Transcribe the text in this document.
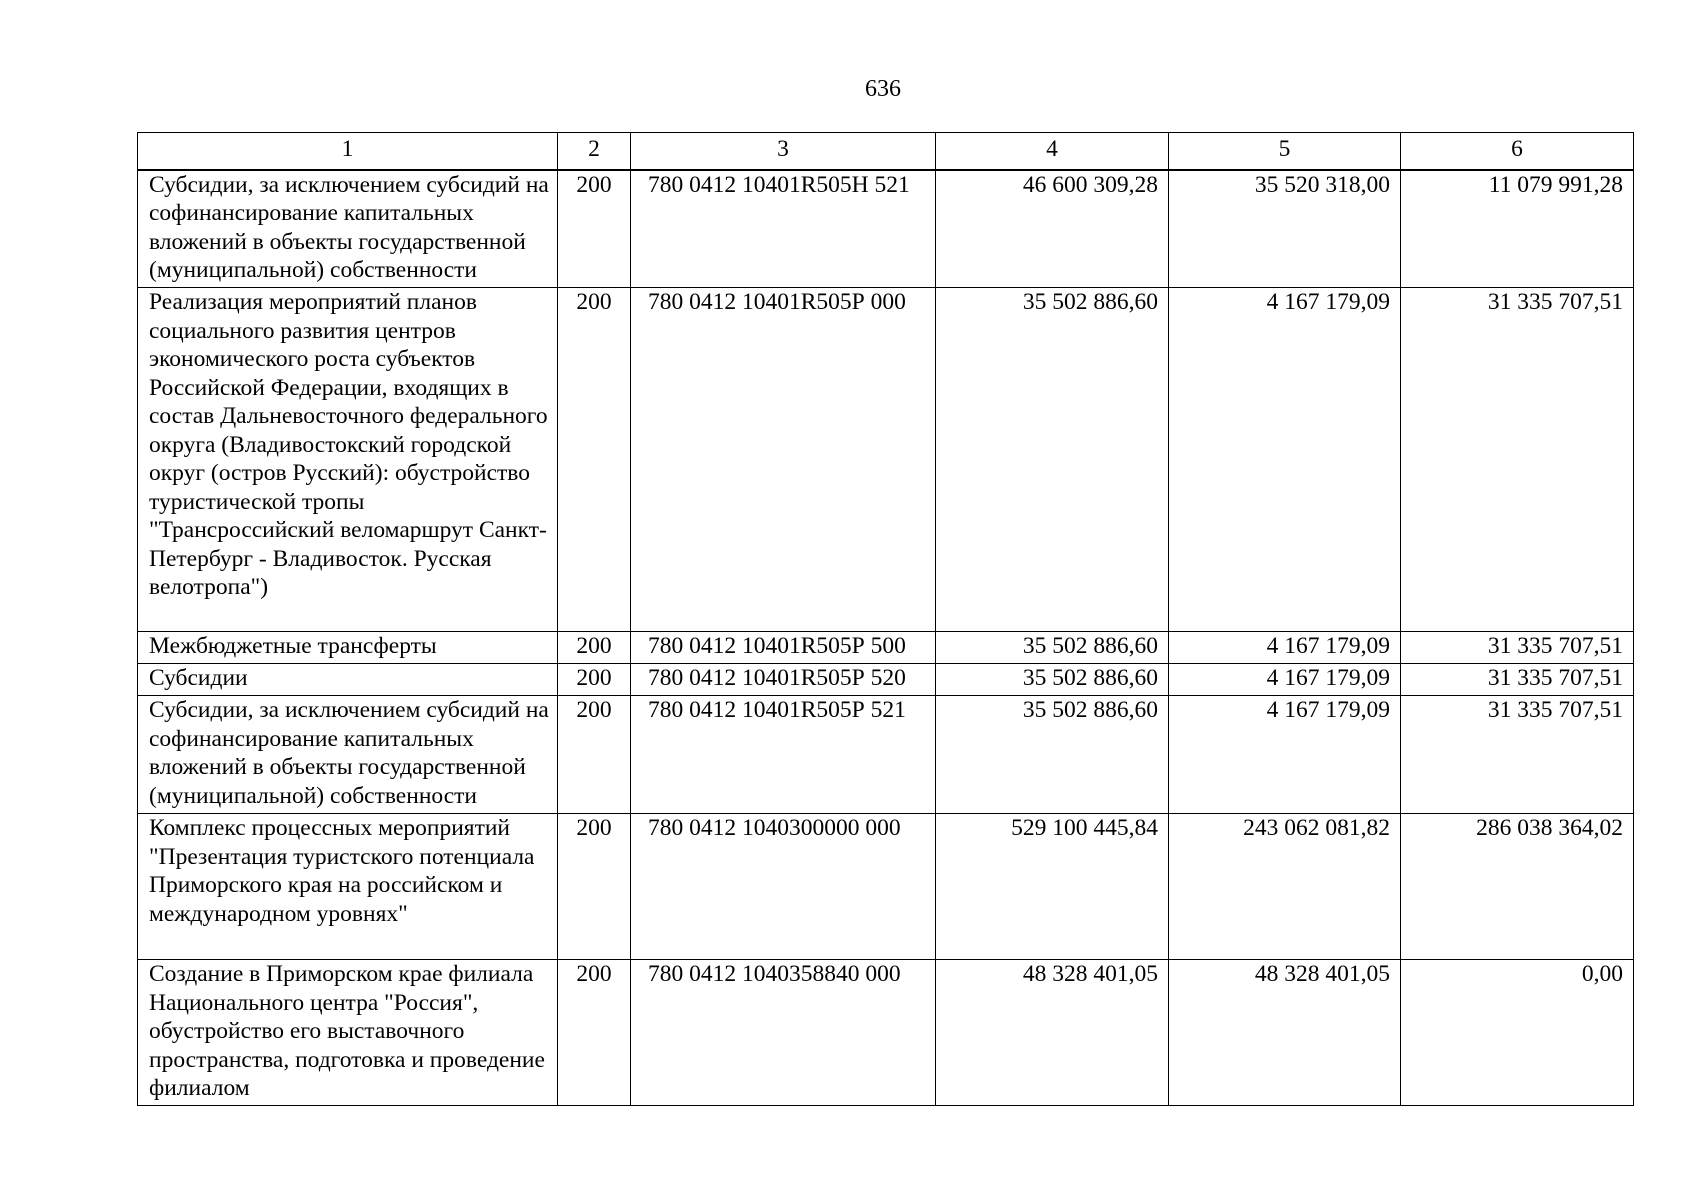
636
1	2	3	4	5	6
Субсидии, за исключением субсидий на софинансирование капитальных вложений в объекты государственной (муниципальной) собственности	200	780 0412 10401R505Н 521	46 600 309,28	35 520 318,00	11 079 991,28
Реализация мероприятий планов социального развития центров экономического роста субъектов Российской Федерации, входящих в состав Дальневосточного федерального округа (Владивостокский городской округ (остров Русский): обустройство туристической тропы "Трансроссийский веломаршрут Санкт-Петербург - Владивосток. Русская велотропа")	200	780 0412 10401R505Р 000	35 502 886,60	4 167 179,09	31 335 707,51
Межбюджетные трансферты	200	780 0412 10401R505Р 500	35 502 886,60	4 167 179,09	31 335 707,51
Субсидии	200	780 0412 10401R505Р 520	35 502 886,60	4 167 179,09	31 335 707,51
Субсидии, за исключением субсидий на софинансирование капитальных вложений в объекты государственной (муниципальной) собственности	200	780 0412 10401R505Р 521	35 502 886,60	4 167 179,09	31 335 707,51
Комплекс процессных мероприятий "Презентация туристского потенциала Приморского края на российском и международном уровнях"	200	780 0412 1040300000 000	529 100 445,84	243 062 081,82	286 038 364,02
Создание в Приморском крае филиала Национального центра "Россия", обустройство его выставочного пространства, подготовка и проведение филиалом	200	780 0412 1040358840 000	48 328 401,05	48 328 401,05	0,00
